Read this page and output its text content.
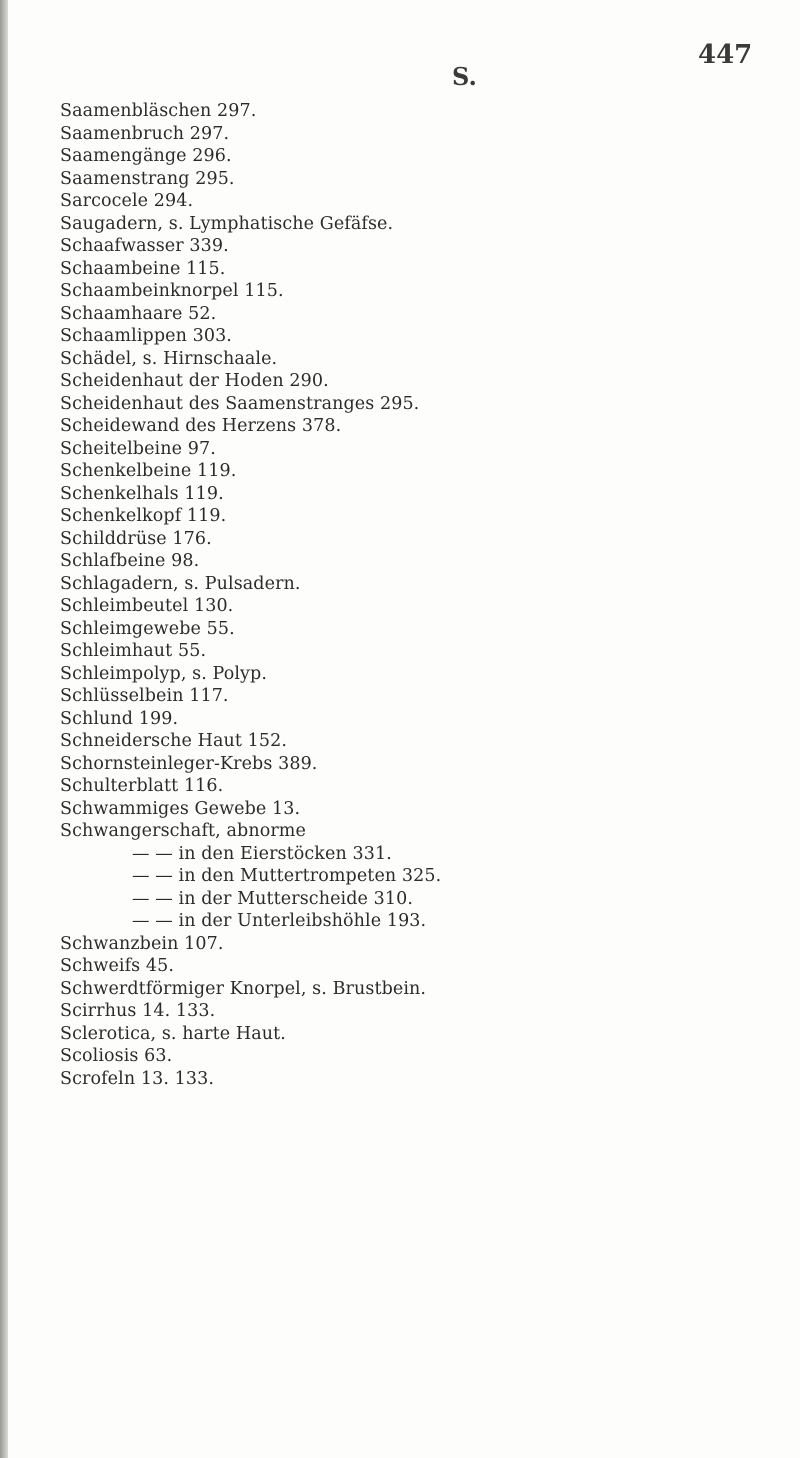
447
S.
Saamenbläschen 297.
Saamenbruch 297.
Saamengänge 296.
Saamenstrang 295.
Sarcocele 294.
Saugadern, s. Lymphatische Gefäfse.
Schaafwasser 339.
Schaambeine 115.
Schaambeinknorpel 115.
Schaamhaare 52.
Schaamlippen 303.
Schädel, s. Hirnschaale.
Scheidenhaut der Hoden 290.
Scheidenhaut des Saamenstranges 295.
Scheidewand des Herzens 378.
Scheitelbeine 97.
Schenkelbeine 119.
Schenkelhals 119.
Schenkelkopf 119.
Schilddrüse 176.
Schlafbeine 98.
Schlagadern, s. Pulsadern.
Schleimbeutel 130.
Schleimgewebe 55.
Schleimhaut 55.
Schleimpolyp, s. Polyp.
Schlüsselbein 117.
Schlund 199.
Schneidersche Haut 152.
Schornsteinleger-Krebs 389.
Schulterblatt 116.
Schwammiges Gewebe 13.
Schwangerschaft, abnorme
— — in den Eierstöcken 331.
— — in den Muttertrompeten 325.
— — in der Mutterscheide 310.
— — in der Unterleibshöhle 193.
Schwanzbein 107.
Schweifs 45.
Schwerdtförmiger Knorpel, s. Brustbein.
Scirrhus 14. 133.
Sclerotica, s. harte Haut.
Scoliosis 63.
Scrofeln 13. 133.
